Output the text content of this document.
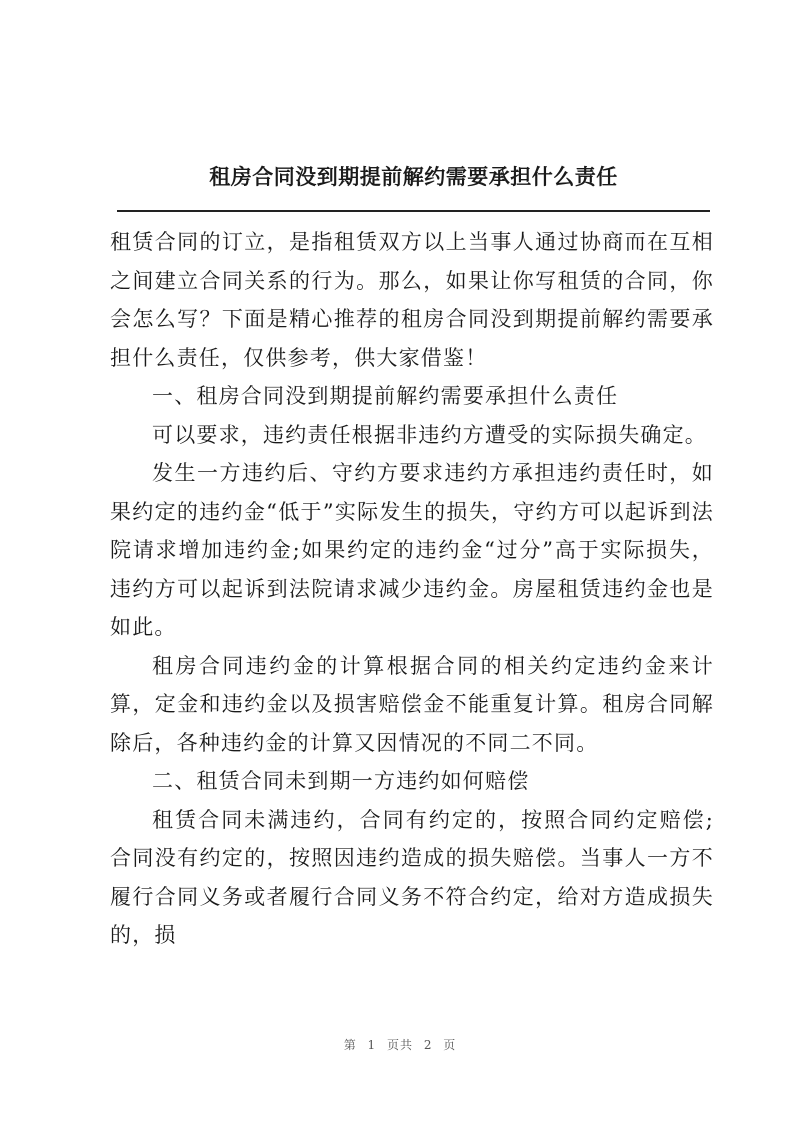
租房合同没到期提前解约需要承担什么责任

租赁合同的订立，是指租赁双方以上当事人通过协商而在互相之间建立合同关系的行为。那么，如果让你写租赁的合同，你会怎么写？下面是精心推荐的租房合同没到期提前解约需要承担什么责任，仅供参考，供大家借鉴！

一、租房合同没到期提前解约需要承担什么责任

可以要求，违约责任根据非违约方遭受的实际损失确定。

发生一方违约后、守约方要求违约方承担违约责任时，如果约定的违约金“低于”实际发生的损失，守约方可以起诉到法院请求增加违约金;如果约定的违约金“过分”高于实际损失，违约方可以起诉到法院请求减少违约金。房屋租赁违约金也是如此。

租房合同违约金的计算根据合同的相关约定违约金来计算，定金和违约金以及损害赔偿金不能重复计算。租房合同解除后，各种违约金的计算又因情况的不同二不同。

二、租赁合同未到期一方违约如何赔偿

租赁合同未满违约，合同有约定的，按照合同约定赔偿;合同没有约定的，按照因违约造成的损失赔偿。当事人一方不履行合同义务或者履行合同义务不符合约定，给对方造成损失的，损

第 1 页共 2 页
